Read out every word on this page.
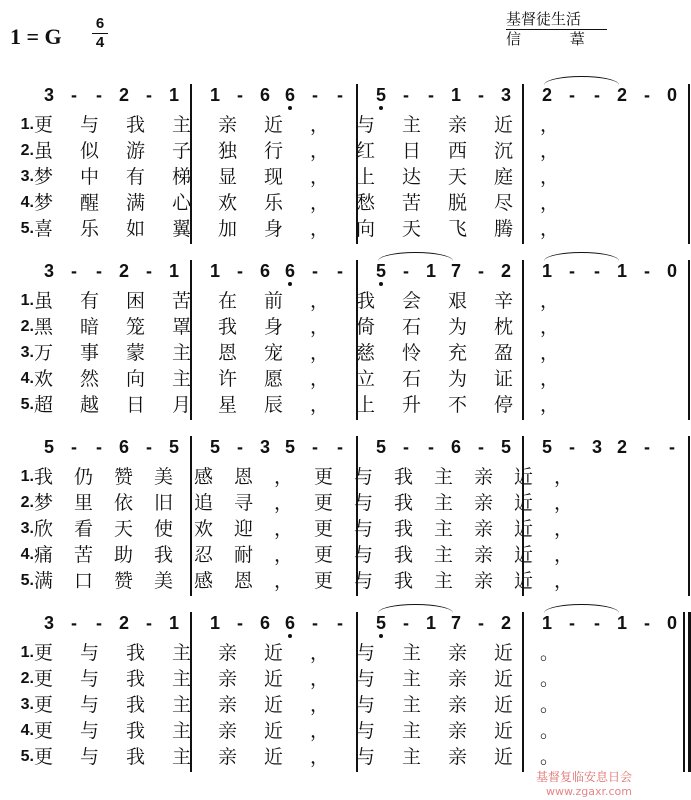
1 = G
6
4
基督徒生活
信 葦
3 -	- 2 - 1	1 - 6 6 -	-	5 -	- 1 - 3	2 -	- 2 - 0
1. 更与我主亲近，与主亲近，
2. 虽似游子独行，红日西沉，
3. 梦中有梯显现，上达天庭，
4. 梦醒满心欢乐，愁苦脱尽，
5. 喜乐如翼加身，向天飞腾，
3 -	- 2 - 1	1 - 6 6 -	-	5 - 1 7 - 2	1 -	- 1 - 0
1. 虽有困苦在前，我会艰辛，
2. 黑暗笼罩我身，倚石为枕，
3. 万事蒙主恩宠，慈怜充盈，
4. 欢然向主许愿，立石为证，
5. 超越日月星辰，上升不停，
5 -	- 6 - 5	5 - 3 5 -	-	5 -	- 6 - 5	5 - 3 2 -	-
1. 我仍赞美感恩，更与我主亲近，
2. 梦里依旧追寻，更与我主亲近，
3. 欣看天使欢迎，更与我主亲近，
4. 痛苦助我忍耐，更与我主亲近，
5. 满口赞美感恩，更与我主亲近，
3 -	- 2 - 1	1 - 6 6 -	-	5 - 1 7 - 2	1 -	- 1 - 0
1. 更与我主亲近，与主亲近。
2. 更与我主亲近，与主亲近。
3. 更与我主亲近，与主亲近。
4. 更与我主亲近，与主亲近。
5. 更与我主亲近，与主亲近。
基督复临安息日会
www.zgaxr.com
